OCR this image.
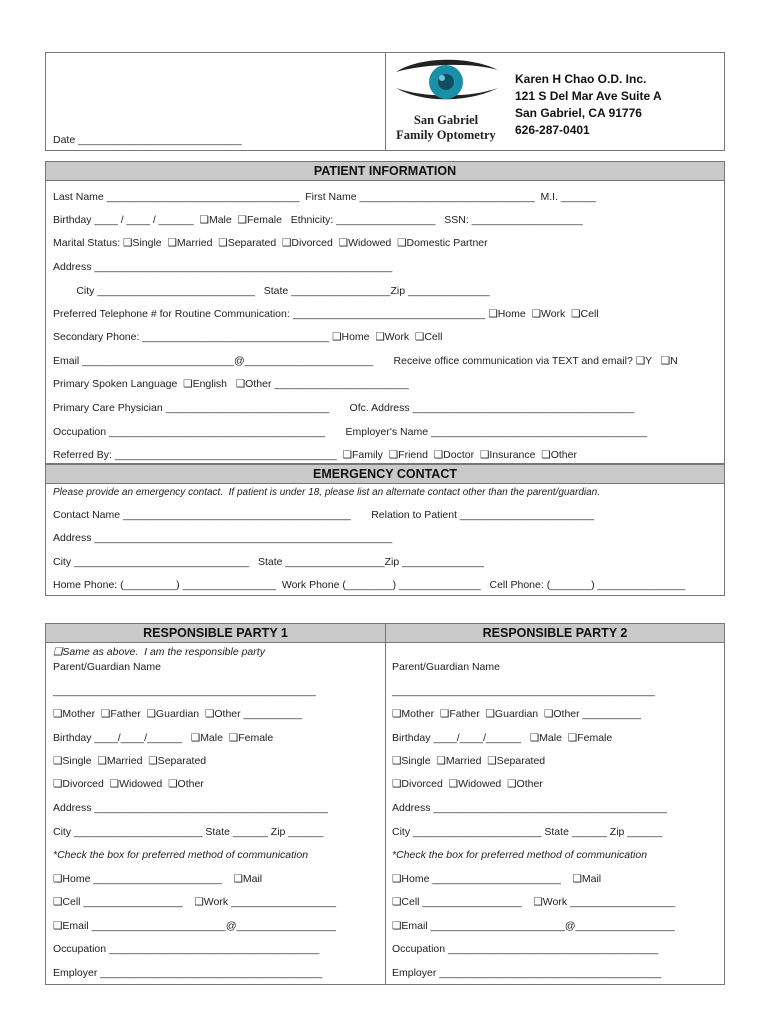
Date ____________________________
San Gabriel
Family Optometry
Karen H Chao O.D. Inc.
121 S Del Mar Ave Suite A
San Gabriel, CA 91776
626-287-0401
PATIENT INFORMATION
Last Name _________________________________  First Name ______________________________  M.I. ______
Birthday ____ / ____ / ______  ❑Male  ❑Female   Ethnicity: _________________   SSN: ___________________
Marital Status: ❑Single  ❑Married  ❑Separated  ❑Divorced  ❑Widowed  ❑Domestic Partner
Address ___________________________________________________
City ___________________________   State _________________Zip ______________
Preferred Telephone # for Routine Communication: _________________________________ ❑Home  ❑Work  ❑Cell
Secondary Phone: ________________________________ ❑Home  ❑Work  ❑Cell
Email __________________________@______________________       Receive office communication via TEXT and email? ❑Y   ❑N
Primary Spoken Language  ❑English   ❑Other _______________________
Primary Care Physician ____________________________       Ofc. Address ______________________________________
Occupation _____________________________________       Employer's Name _____________________________________
Referred By: ______________________________________  ❑Family  ❑Friend  ❑Doctor  ❑Insurance  ❑Other
EMERGENCY CONTACT
Please provide an emergency contact.  If patient is under 18, please list an alternate contact other than the parent/guardian.
Contact Name _______________________________________       Relation to Patient _______________________
Address ___________________________________________________
City ______________________________   State _________________Zip ______________
Home Phone: (_________) ________________  Work Phone (________) ______________   Cell Phone: (_______) _______________
RESPONSIBLE PARTY 1	RESPONSIBLE PARTY 2
❑Same as above.  I am the responsible party
Parent/Guardian Name
_____________________________________________
❑Mother  ❑Father  ❑Guardian  ❑Other __________
Birthday ____/____/______   ❑Male  ❑Female
❑Single  ❑Married  ❑Separated
❑Divorced  ❑Widowed  ❑Other
Address ________________________________________
City ______________________ State ______ Zip ______
*Check the box for preferred method of communication
❑Home ______________________    ❑Mail
❑Cell _________________    ❑Work __________________
❑Email _______________________@_________________
Occupation ____________________________________
Employer ______________________________________
Parent/Guardian Name
_____________________________________________
❑Mother  ❑Father  ❑Guardian  ❑Other __________
Birthday ____/____/______   ❑Male  ❑Female
❑Single  ❑Married  ❑Separated
❑Divorced  ❑Widowed  ❑Other
Address ________________________________________
City ______________________ State ______ Zip ______
*Check the box for preferred method of communication
❑Home ______________________    ❑Mail
❑Cell _________________    ❑Work __________________
❑Email _______________________@_________________
Occupation ____________________________________
Employer ______________________________________
